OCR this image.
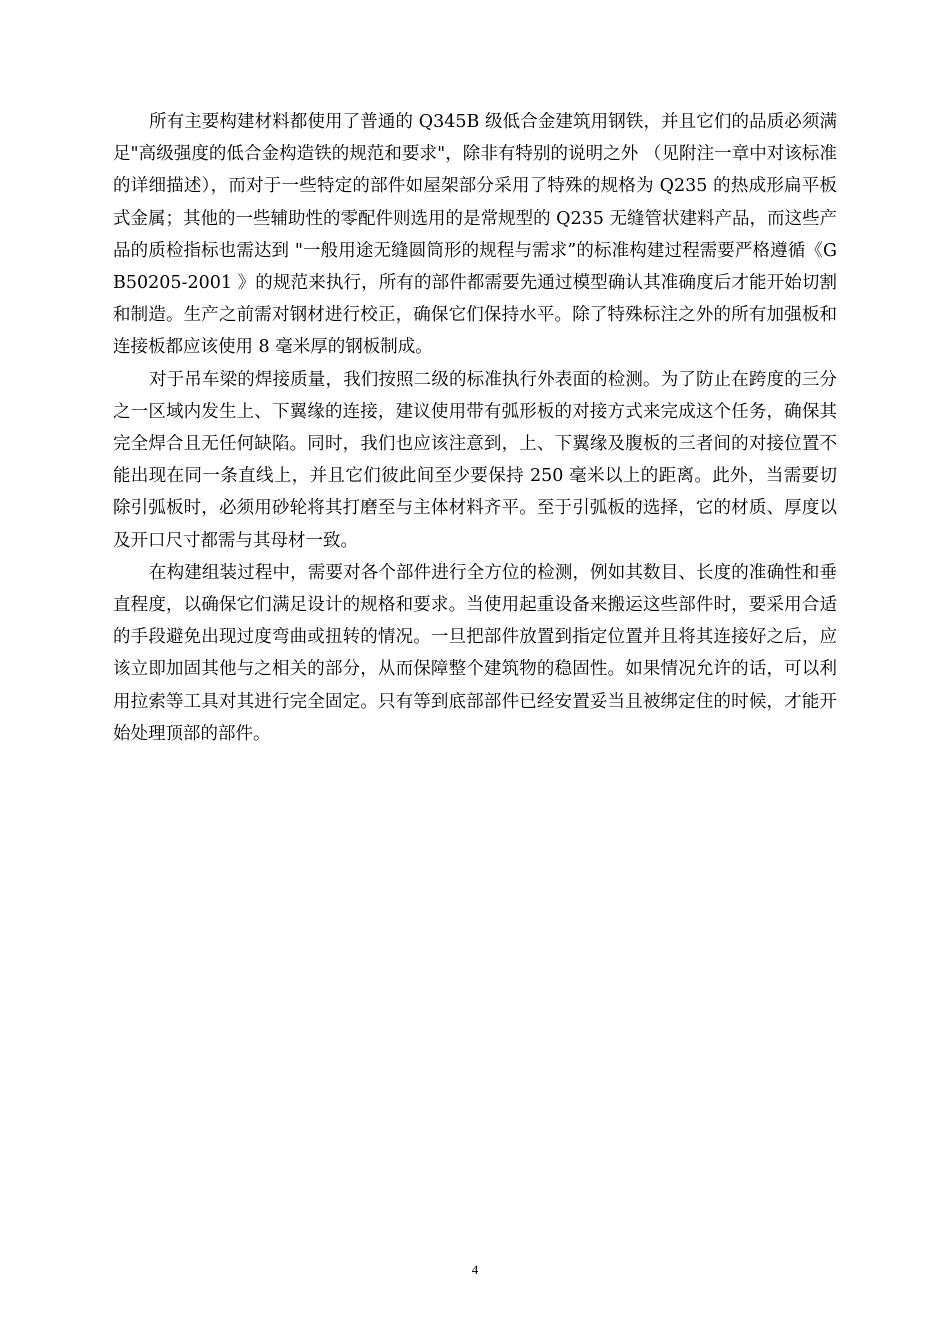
所有主要构建材料都使用了普通的 Q345B 级低合金建筑用钢铁，并且它们的品质必须满足"高级强度的低合金构造铁的规范和要求"，除非有特别的说明之外 （见附注一章中对该标准的详细描述），而对于一些特定的部件如屋架部分采用了特殊的规格为 Q235 的热成形扁平板式金属；其他的一些辅助性的零配件则选用的是常规型的 Q235 无缝管状建料产品，而这些产品的质检指标也需达到 "一般用途无缝圆筒形的规程与需求”的标准构建过程需要严格遵循《GB50205-2001 》的规范来执行，所有的部件都需要先通过模型确认其准确度后才能开始切割和制造。生产之前需对钢材进行校正，确保它们保持水平。除了特殊标注之外的所有加强板和连接板都应该使用 8 毫米厚的钢板制成。

对于吊车梁的焊接质量，我们按照二级的标准执行外表面的检测。为了防止在跨度的三分之一区域内发生上、下翼缘的连接，建议使用带有弧形板的对接方式来完成这个任务，确保其完全焊合且无任何缺陷。同时，我们也应该注意到，上、下翼缘及腹板的三者间的对接位置不能出现在同一条直线上，并且它们彼此间至少要保持 250 毫米以上的距离。此外，当需要切除引弧板时，必须用砂轮将其打磨至与主体材料齐平。至于引弧板的选择，它的材质、厚度以及开口尺寸都需与其母材一致。

在构建组装过程中，需要对各个部件进行全方位的检测，例如其数目、长度的准确性和垂直程度，以确保它们满足设计的规格和要求。当使用起重设备来搬运这些部件时，要采用合适的手段避免出现过度弯曲或扭转的情况。一旦把部件放置到指定位置并且将其连接好之后，应该立即加固其他与之相关的部分，从而保障整个建筑物的稳固性。如果情况允许的话，可以利用拉索等工具对其进行完全固定。只有等到底部部件已经安置妥当且被绑定住的时候，才能开始处理顶部的部件。

4
